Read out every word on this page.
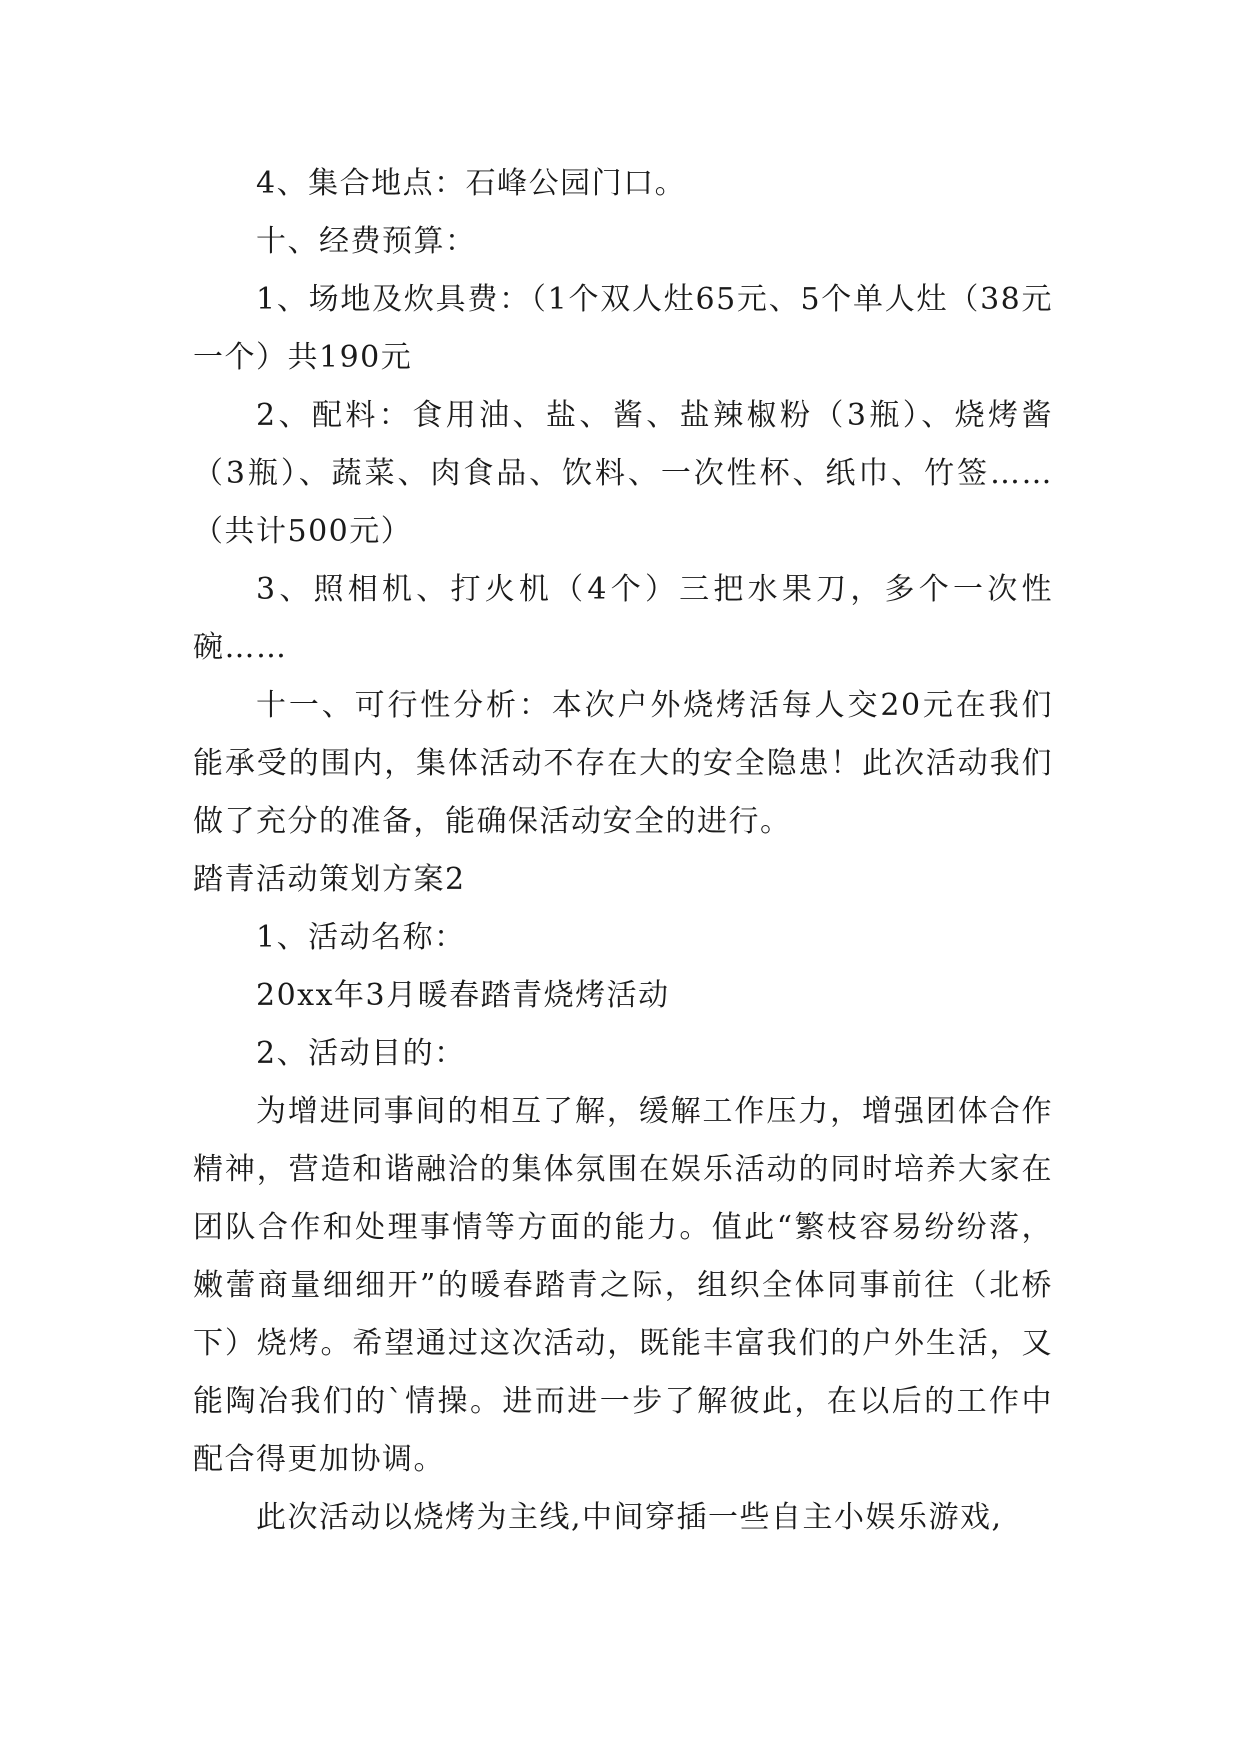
4、集合地点：石峰公园门口。

十、经费预算：

1、场地及炊具费：（1个双人灶65元、5个单人灶（38元一个）共190元

2、配料：食用油、盐、酱、盐辣椒粉（3瓶）、烧烤酱（3瓶）、蔬菜、肉食品、饮料、一次性杯、纸巾、竹签……（共计500元）

3、照相机、打火机（4个）三把水果刀，多个一次性碗……

十一、可行性分析：本次户外烧烤活每人交20元在我们能承受的围内，集体活动不存在大的安全隐患！此次活动我们做了充分的准备，能确保活动安全的进行。

踏青活动策划方案2

1、活动名称：

20xx年3月暖春踏青烧烤活动

2、活动目的：

为增进同事间的相互了解，缓解工作压力，增强团体合作精神，营造和谐融洽的集体氛围在娱乐活动的同时培养大家在团队合作和处理事情等方面的能力。值此“繁枝容易纷纷落，嫩蕾商量细细开”的暖春踏青之际，组织全体同事前往（北桥下）烧烤。希望通过这次活动，既能丰富我们的户外生活，又能陶冶我们的`情操。进而进一步了解彼此，在以后的工作中配合得更加协调。

此次活动以烧烤为主线,中间穿插一些自主小娱乐游戏,
